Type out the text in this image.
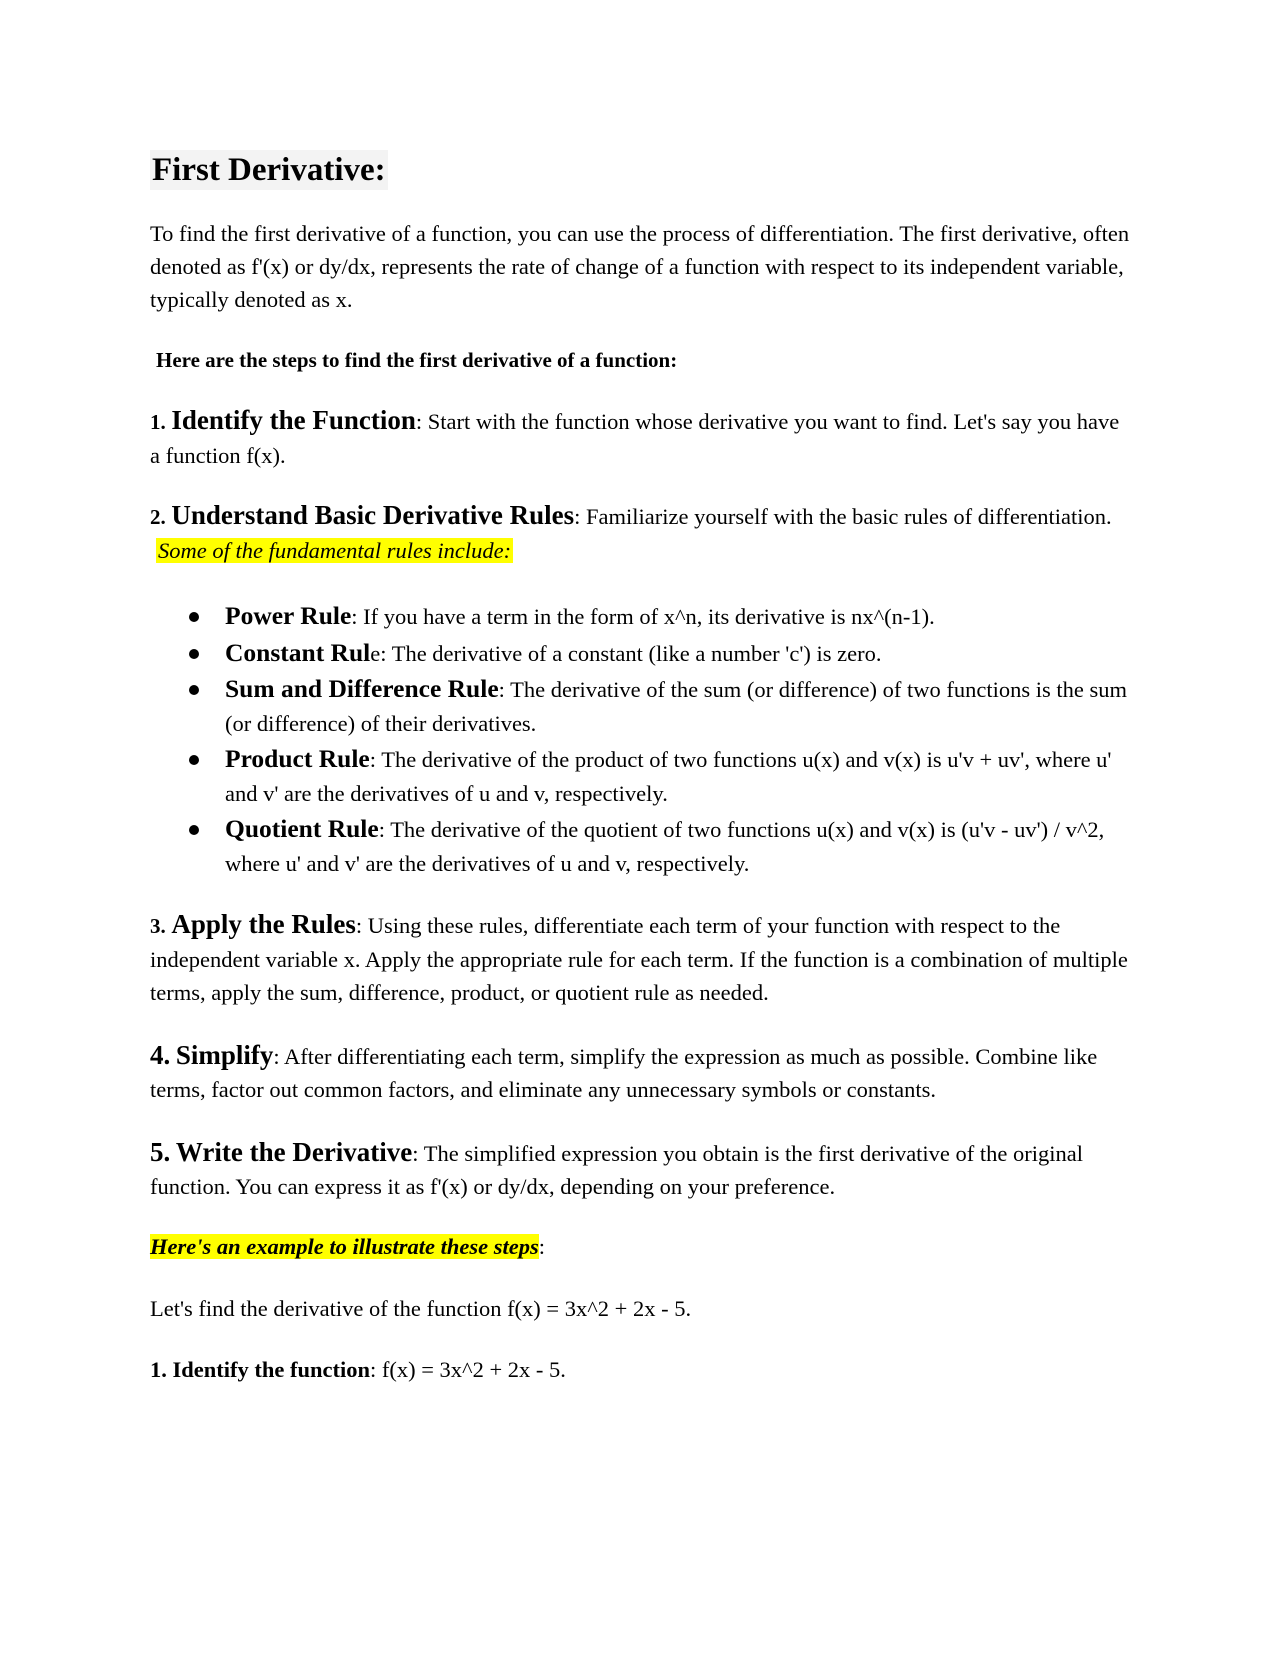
First Derivative:

To find the first derivative of a function, you can use the process of differentiation. The first derivative, often denoted as f'(x) or dy/dx, represents the rate of change of a function with respect to its independent variable, typically denoted as x.

Here are the steps to find the first derivative of a function:

1. Identify the Function: Start with the function whose derivative you want to find. Let's say you have a function f(x).

2. Understand Basic Derivative Rules: Familiarize yourself with the basic rules of differentiation.

Some of the fundamental rules include:

Power Rule: If you have a term in the form of x^n, its derivative is nx^(n-1).
Constant Rule: The derivative of a constant (like a number 'c') is zero.
Sum and Difference Rule: The derivative of the sum (or difference) of two functions is the sum (or difference) of their derivatives.
Product Rule: The derivative of the product of two functions u(x) and v(x) is u'v + uv', where u' and v' are the derivatives of u and v, respectively.
Quotient Rule: The derivative of the quotient of two functions u(x) and v(x) is (u'v - uv') / v^2, where u' and v' are the derivatives of u and v, respectively.

3. Apply the Rules: Using these rules, differentiate each term of your function with respect to the independent variable x. Apply the appropriate rule for each term. If the function is a combination of multiple terms, apply the sum, difference, product, or quotient rule as needed.

4. Simplify: After differentiating each term, simplify the expression as much as possible. Combine like terms, factor out common factors, and eliminate any unnecessary symbols or constants.

5. Write the Derivative: The simplified expression you obtain is the first derivative of the original function. You can express it as f'(x) or dy/dx, depending on your preference.

Here's an example to illustrate these steps:

Let's find the derivative of the function f(x) = 3x^2 + 2x - 5.

1. Identify the function: f(x) = 3x^2 + 2x - 5.
